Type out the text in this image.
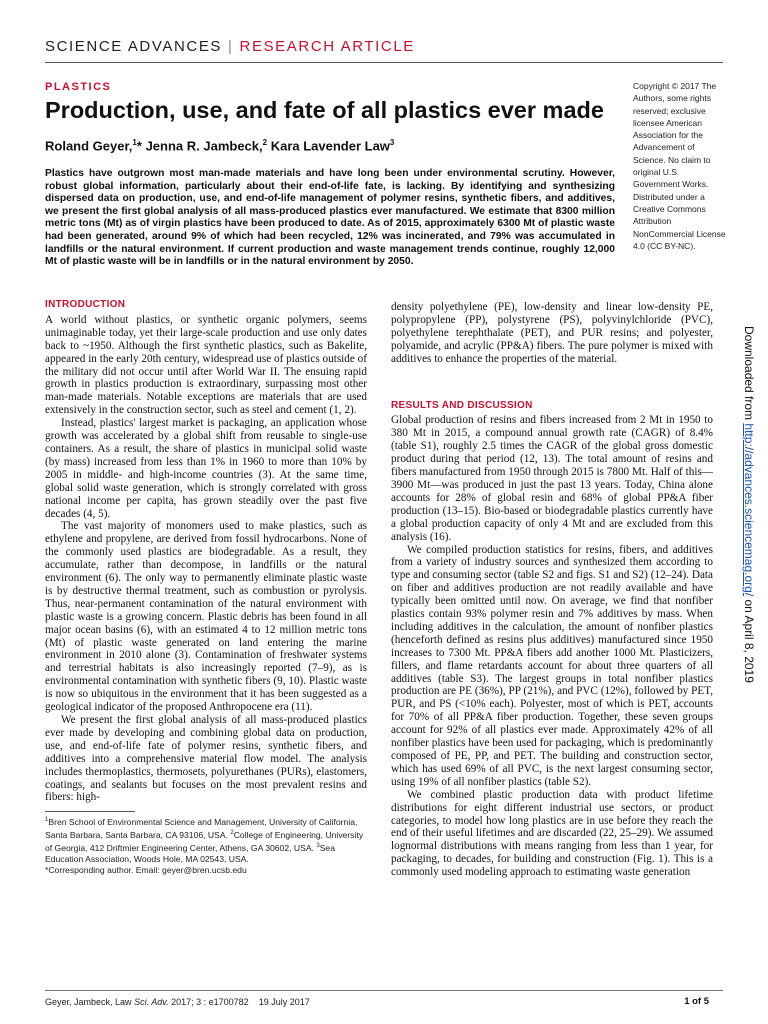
SCIENCE ADVANCES | RESEARCH ARTICLE
PLASTICS
Production, use, and fate of all plastics ever made
Roland Geyer,$^1$* Jenna R. Jambeck,$^2$ Kara Lavender Law$^3$
Plastics have outgrown most man-made materials and have long been under environmental scrutiny. However, robust global information, particularly about their end-of-life fate, is lacking. By identifying and synthesizing dispersed data on production, use, and end-of-life management of polymer resins, synthetic fibers, and additives, we present the first global analysis of all mass-produced plastics ever manufactured. We estimate that 8300 million metric tons (Mt) as of virgin plastics have been produced to date. As of 2015, approximately 6300 Mt of plastic waste had been generated, around 9% of which had been recycled, 12% was incinerated, and 79% was accumulated in landfills or the natural environment. If current production and waste management trends continue, roughly 12,000 Mt of plastic waste will be in landfills or in the natural environment by 2050.
Copyright © 2017 The Authors, some rights reserved; exclusive licensee American Association for the Advancement of Science. No claim to original U.S. Government Works. Distributed under a Creative Commons Attribution NonCommercial License 4.0 (CC BY-NC).
INTRODUCTION

A world without plastics, or synthetic organic polymers, seems unimaginable today, yet their large-scale production and use only dates back to ~1950. Although the first synthetic plastics, such as Bakelite, appeared in the early 20th century, widespread use of plastics outside of the military did not occur until after World War II. The ensuing rapid growth in plastics production is extraordinary, surpassing most other man-made materials. Notable exceptions are materials that are used extensively in the construction sector, such as steel and cement (1, 2).

Instead, plastics' largest market is packaging, an application whose growth was accelerated by a global shift from reusable to single-use containers. As a result, the share of plastics in municipal solid waste (by mass) increased from less than 1% in 1960 to more than 10% by 2005 in middle- and high-income countries (3). At the same time, global solid waste generation, which is strongly correlated with gross national income per capita, has grown steadily over the past five decades (4, 5).

The vast majority of monomers used to make plastics, such as ethylene and propylene, are derived from fossil hydrocarbons. None of the commonly used plastics are biodegradable. As a result, they accumulate, rather than decompose, in landfills or the natural environment (6). The only way to permanently eliminate plastic waste is by destructive thermal treatment, such as combustion or pyrolysis. Thus, near-permanent contamination of the natural environment with plastic waste is a growing concern. Plastic debris has been found in all major ocean basins (6), with an estimated 4 to 12 million metric tons (Mt) of plastic waste generated on land entering the marine environment in 2010 alone (3). Contamination of freshwater systems and terrestrial habitats is also increasingly reported (7–9), as is environmental contamination with synthetic fibers (9, 10). Plastic waste is now so ubiquitous in the environment that it has been suggested as a geological indicator of the proposed Anthropocene era (11).

We present the first global analysis of all mass-produced plastics ever made by developing and combining global data on production, use, and end-of-life fate of polymer resins, synthetic fibers, and additives into a comprehensive material flow model. The analysis includes thermoplastics, thermosets, polyurethanes (PURs), elastomers, coatings, and sealants but focuses on the most prevalent resins and fibers: high-

density polyethylene (PE), low-density and linear low-density PE, polypropylene (PP), polystyrene (PS), polyvinylchloride (PVC), polyethylene terephthalate (PET), and PUR resins; and polyester, polyamide, and acrylic (PP&A) fibers. The pure polymer is mixed with additives to enhance the properties of the material.

RESULTS AND DISCUSSION

Global production of resins and fibers increased from 2 Mt in 1950 to 380 Mt in 2015, a compound annual growth rate (CAGR) of 8.4% (table S1), roughly 2.5 times the CAGR of the global gross domestic product during that period (12, 13). The total amount of resins and fibers manufactured from 1950 through 2015 is 7800 Mt. Half of this—3900 Mt—was produced in just the past 13 years. Today, China alone accounts for 28% of global resin and 68% of global PP&A fiber production (13–15). Bio-based or biodegradable plastics currently have a global production capacity of only 4 Mt and are excluded from this analysis (16).

We compiled production statistics for resins, fibers, and additives from a variety of industry sources and synthesized them according to type and consuming sector (table S2 and figs. S1 and S2) (12–24). Data on fiber and additives production are not readily available and have typically been omitted until now. On average, we find that nonfiber plastics contain 93% polymer resin and 7% additives by mass. When including additives in the calculation, the amount of nonfiber plastics (henceforth defined as resins plus additives) manufactured since 1950 increases to 7300 Mt. PP&A fibers add another 1000 Mt. Plasticizers, fillers, and flame retardants account for about three quarters of all additives (table S3). The largest groups in total nonfiber plastics production are PE (36%), PP (21%), and PVC (12%), followed by PET, PUR, and PS (<10% each). Polyester, most of which is PET, accounts for 70% of all PP&A fiber production. Together, these seven groups account for 92% of all plastics ever made. Approximately 42% of all nonfiber plastics have been used for packaging, which is predominantly composed of PE, PP, and PET. The building and construction sector, which has used 69% of all PVC, is the next largest consuming sector, using 19% of all nonfiber plastics (table S2).

We combined plastic production data with product lifetime distributions for eight different industrial use sectors, or product categories, to model how long plastics are in use before they reach the end of their useful lifetimes and are discarded (22, 25–29). We assumed lognormal distributions with means ranging from less than 1 year, for packaging, to decades, for building and construction (Fig. 1). This is a commonly used modeling approach to estimating waste generation

$^1$Bren School of Environmental Science and Management, University of California, Santa Barbara, Santa Barbara, CA 93106, USA. $^2$College of Engineering, University of Georgia, 412 Driftmier Engineering Center, Athens, GA 30602, USA. $^3$Sea Education Association, Woods Hole, MA 02543, USA.
*Corresponding author. Email: geyer@bren.ucsb.edu
Geyer, Jambeck, Law Sci. Adv. 2017; 3 : e1700782 19 July 2017	1 of 5
Downloaded from http://advances.sciencemag.org/ on April 8, 2019
